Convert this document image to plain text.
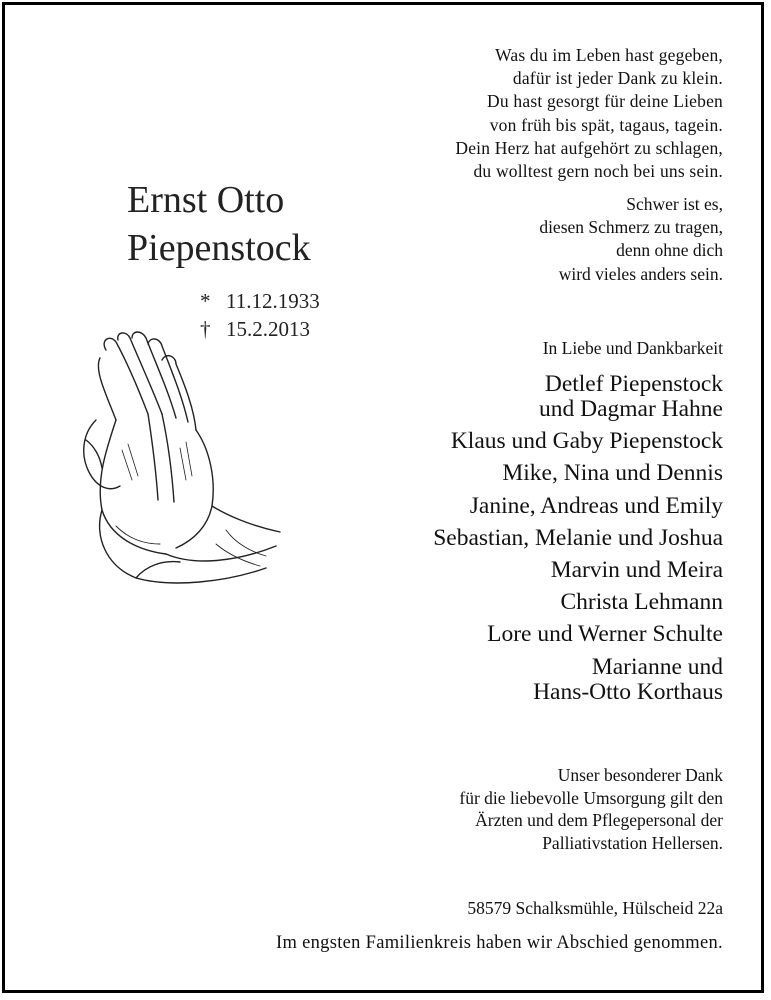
Was du im Leben hast gegeben,
dafür ist jeder Dank zu klein.
Du hast gesorgt für deine Lieben
von früh bis spät, tagaus, tagein.
Dein Herz hat aufgehört zu schlagen,
du wolltest gern noch bei uns sein.
Schwer ist es,
diesen Schmerz zu tragen,
denn ohne dich
wird vieles anders sein.
Ernst Otto
Piepenstock
* 11.12.1933
† 15.2.2013
In Liebe und Dankbarkeit
Detlef Piepenstock
und Dagmar Hahne
Klaus und Gaby Piepenstock
Mike, Nina und Dennis
Janine, Andreas und Emily
Sebastian, Melanie und Joshua
Marvin und Meira
Christa Lehmann
Lore und Werner Schulte
Marianne und
Hans-Otto Korthaus
Unser besonderer Dank
für die liebevolle Umsorgung gilt den
Ärzten und dem Pflegepersonal der
Palliativstation Hellersen.
58579 Schalksmühle, Hülscheid 22a
Im engsten Familienkreis haben wir Abschied genommen.
